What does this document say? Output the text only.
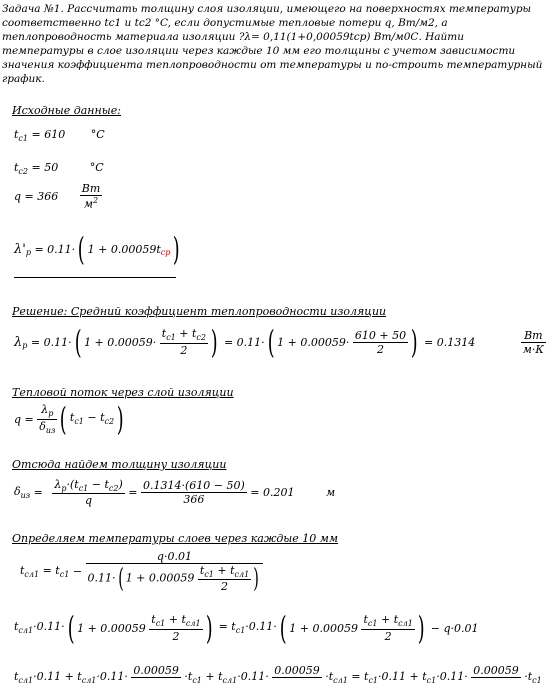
Задача №1. Рассчитать толщину слоя изоляции, имеющего на поверхностях температуры соответственно tc1 и tc2 °C, если допустимые тепловые потери q, Вт/м2, а теплопроводность материала изоляции ?λ= 0,11(1+0,00059tср) Вт/м0С. Найти температуры в слое изоляции через каждые 10 мм его толщины с учетом зависимости значения коэффициента теплопроводности от температуры и по-строить температурный график.
Исходные данные:
$t_{c1} = 610$ °C
$t_{c2} = 50$	°C
$q = 366 \frac{Вт}{м^2}$
$\lambda'_р = 0.11\cdot$( $1 + 0.00059t_{ср}$)
Решение: Средний коэффициент теплопроводности изоляции
$\lambda_р = 0.11\cdot$( $1 + 0.00059\cdot \frac{t_{c1} + t_{c2}}{2}$ ) = 0.11·( $1 + 0.00059\cdot \frac{610 + 50}{2}$ ) = 0.1314	$\frac{Вт}{м\cdot К}$
Тепловой поток через слой изоляции
$q = \frac{\lambda_р}{\delta_{из}}$ ( $t_{c1} - t_{c2}$)
Отсюда найдем толщину изоляции
$\delta_{из} = \frac{\lambda_р\cdot(t_{c1} - t_{c2})}{q} = \frac{0.1314\cdot(610 - 50)}{366} = 0.201$	м
Определяем температуры слоев через каждые 10 мм
$t_{сл1} = t_{c1} - \frac{q\cdot 0.01}{0.11\cdot( 1 + 0.00059 \frac{t_{c1} + t_{сл1}}{2} )}$
$t_{сл1}\cdot 0.11\cdot$( $1 + 0.00059 \frac{t_{c1} + t_{сл1}}{2}$ ) = $t_{c1}\cdot 0.11\cdot$( $1 + 0.00059 \frac{t_{c1} + t_{сл1}}{2}$ ) − q·0.01
$t_{сл1}\cdot 0.11 + t_{сл1}\cdot 0.11\cdot 0.00059$
$\cdot t_{c1} + t_{сл1}\cdot 0.11\cdot 0.00059$
$\cdot t_{сл1} = t_{c1}\cdot 0.11 + t_{c1}\cdot 0.11\cdot 0.00059$
$\cdot t_{c1}$
